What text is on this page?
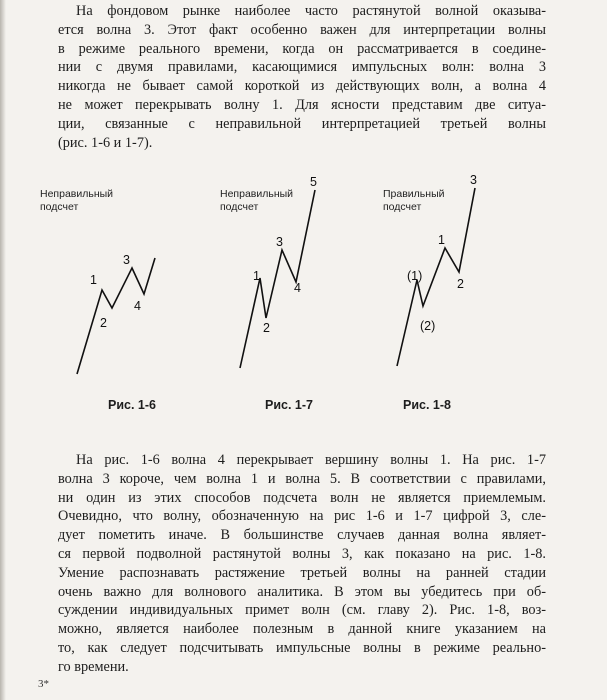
На фондовом рынке наиболее часто растянутой волной оказыва-
ется волна 3. Этот факт особенно важен для интерпретации волны
в режиме реального времени, когда он рассматривается в соедине-
нии с двумя правилами, касающимися импульсных волн: волна 3
никогда не бывает самой короткой из действующих волн, а волна 4
не может перекрывать волну 1. Для ясности представим две ситуа-
ции, связанные с неправильной интерпретацией третьей волны
(рис. 1-6 и 1-7).
Неправильный
подсчет
1
2
3
4
Рис. 1-6
Неправильный
подсчет
1
2
3
4
5
Рис. 1-7
Правильный
подсчет
(1)
(2)
1
2
3
Рис. 1-8
На рис. 1-6 волна 4 перекрывает вершину волны 1. На рис. 1-7
волна 3 короче, чем волна 1 и волна 5. В соответствии с правилами,
ни один из этих способов подсчета волн не является приемлемым.
Очевидно, что волну, обозначенную на рис 1-6 и 1-7 цифрой 3, сле-
дует пометить иначе. В большинстве случаев данная волна являет-
ся первой подволной растянутой волны 3, как показано на рис. 1-8.
Умение распознавать растяжение третьей волны на ранней стадии
очень важно для волнового аналитика. В этом вы убедитесь при об-
суждении индивидуальных примет волн (см. главу 2). Рис. 1-8, воз-
можно, является наиболее полезным в данной книге указанием на
то, как следует подсчитывать импульсные волны в режиме реально-
го времени.
3*
